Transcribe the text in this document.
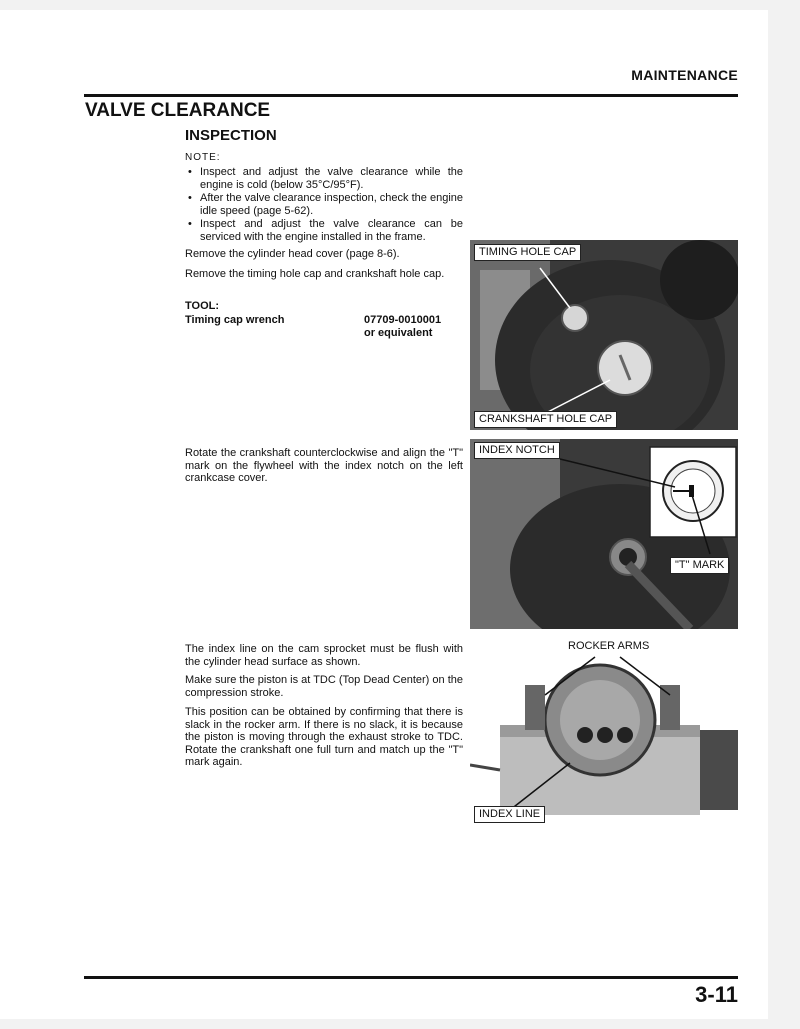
MAINTENANCE
VALVE CLEARANCE
INSPECTION
NOTE:
• Inspect and adjust the valve clearance while the engine is cold (below 35°C/95°F).
• After the valve clearance inspection, check the engine idle speed (page 5-62).
• Inspect and adjust the valve clearance can be serviced with the engine installed in the frame.

Remove the cylinder head cover (page 8-6).

Remove the timing hole cap and crankshaft hole cap.

TOOL:
Timing cap wrench	07709-0010001
or equivalent

Rotate the crankshaft counterclockwise and align the "T" mark on the flywheel with the index notch on the left crankcase cover.

The index line on the cam sprocket must be flush with the cylinder head surface as shown.

Make sure the piston is at TDC (Top Dead Center) on the compression stroke.

This position can be obtained by confirming that there is slack in the rocker arm. If there is no slack, it is because the piston is moving through the exhaust stroke to TDC. Rotate the crankshaft one full turn and match up the "T" mark again.

TIMING HOLE CAP
CRANKSHAFT HOLE CAP
INDEX NOTCH
"T" MARK
ROCKER ARMS
INDEX LINE
3-11
